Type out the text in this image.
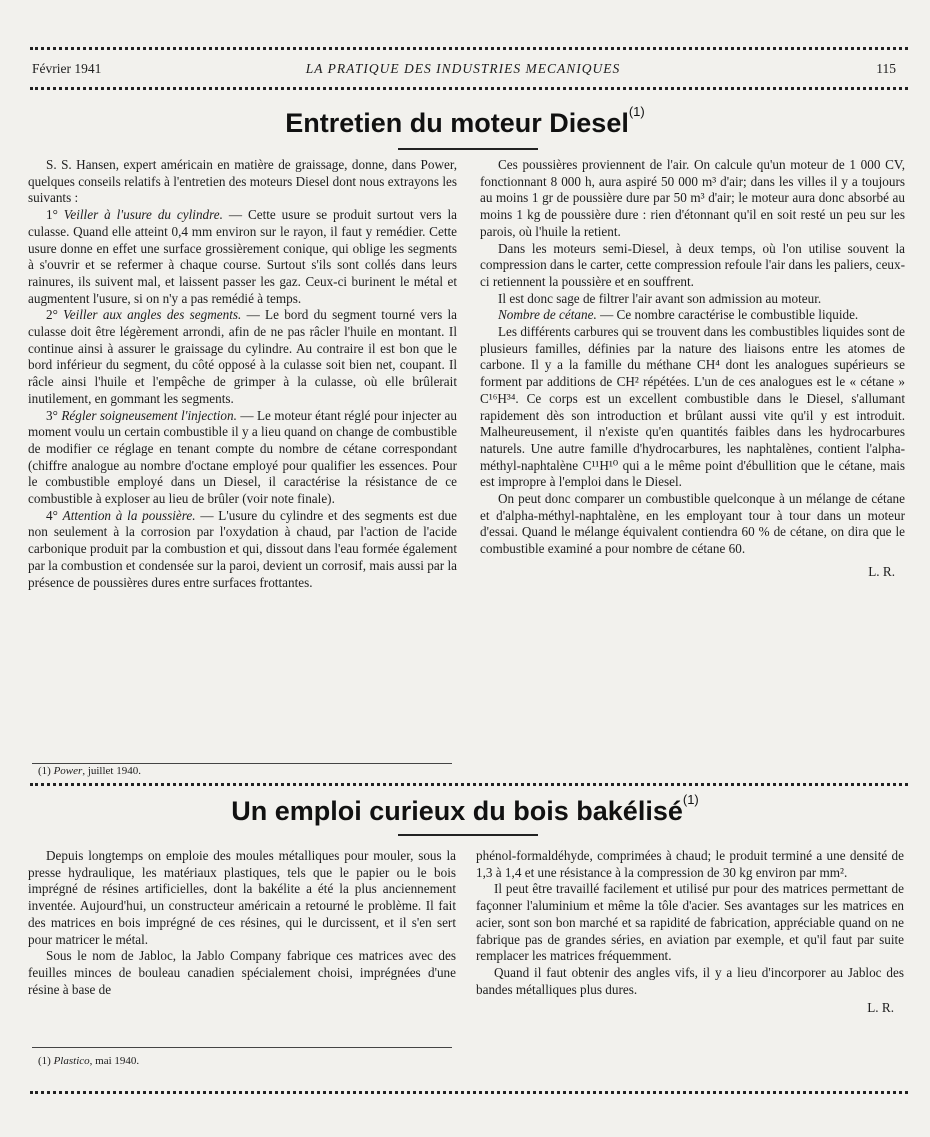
Février 1941	LA PRATIQUE DES INDUSTRIES MECANIQUES	115
Entretien du moteur Diesel$^{(1)}$

S. S. Hansen, expert américain en matière de graissage, donne, dans Power, quelques conseils relatifs à l'entretien des moteurs Diesel dont nous extrayons les suivants :

1° Veiller à l'usure du cylindre. — Cette usure se produit surtout vers la culasse. Quand elle atteint 0,4 mm environ sur le rayon, il faut y remédier. Cette usure donne en effet une surface grossièrement conique, qui oblige les segments à s'ouvrir et se refermer à chaque course. Surtout s'ils sont collés dans leurs rainures, ils suivent mal, et laissent passer les gaz. Ceux-ci burinent le métal et augmentent l'usure, si on n'y a pas remédié à temps.

2° Veiller aux angles des segments. — Le bord du segment tourné vers la culasse doit être légèrement arrondi, afin de ne pas râcler l'huile en montant. Il continue ainsi à assurer le graissage du cylindre. Au contraire il est bon que le bord inférieur du segment, du côté opposé à la culasse soit bien net, coupant. Il râcle ainsi l'huile et l'empêche de grimper à la culasse, où elle brûlerait inutilement, en gommant les segments.

3° Régler soigneusement l'injection. — Le moteur étant réglé pour injecter au moment voulu un certain combustible il y a lieu quand on change de combustible de modifier ce réglage en tenant compte du nombre de cétane correspondant (chiffre analogue au nombre d'octane employé pour qualifier les essences. Pour le combustible employé dans un Diesel, il caractérise la résistance de ce combustible à exploser au lieu de brûler (voir note finale).

4° Attention à la poussière. — L'usure du cylindre et des segments est due non seulement à la corrosion par l'oxydation à chaud, par l'action de l'acide carbonique produit par la combustion et qui, dissout dans l'eau formée également par la combustion et condensée sur la paroi, devient un corrosif, mais aussi par la présence de poussières dures entre surfaces frottantes.

Ces poussières proviennent de l'air. On calcule qu'un moteur de 1 000 CV, fonctionnant 8 000 h, aura aspiré 50 000 m³ d'air; dans les villes il y a toujours au moins 1 gr de poussière dure par 50 m³ d'air; le moteur aura donc absorbé au moins 1 kg de poussière dure : rien d'étonnant qu'il en soit resté un peu sur les parois, où l'huile la retient.

Dans les moteurs semi-Diesel, à deux temps, où l'on utilise souvent la compression dans le carter, cette compression refoule l'air dans les paliers, ceux-ci retiennent la poussière et en souffrent.

Il est donc sage de filtrer l'air avant son admission au moteur.

Nombre de cétane. — Ce nombre caractérise le combustible liquide.

Les différents carbures qui se trouvent dans les combustibles liquides sont de plusieurs familles, définies par la nature des liaisons entre les atomes de carbone. Il y a la famille du méthane CH⁴ dont les analogues supérieurs se forment par additions de CH² répétées. L'un de ces analogues est le « cétane » C¹⁶H³⁴. Ce corps est un excellent combustible dans le Diesel, s'allumant rapidement dès son introduction et brûlant aussi vite qu'il y est introduit. Malheureusement, il n'existe qu'en quantités faibles dans les hydrocarbures naturels. Une autre famille d'hydrocarbures, les naphtalènes, contient l'alpha-méthyl-naphtalène C¹¹H¹⁰ qui a le même point d'ébullition que le cétane, mais est impropre à l'emploi dans le Diesel.

On peut donc comparer un combustible quelconque à un mélange de cétane et d'alpha-méthyl-naphtalène, en les employant tour à tour dans un moteur d'essai. Quand le mélange équivalent contiendra 60 % de cétane, on dira que le combustible examiné a pour nombre de cétane 60.

L. R.
(1) Power, juillet 1940.
Un emploi curieux du bois bakélisé$^{(1)}$

Depuis longtemps on emploie des moules métalliques pour mouler, sous la presse hydraulique, les matériaux plastiques, tels que le papier ou le bois imprégné de résines artificielles, dont la bakélite a été la plus anciennement inventée. Aujourd'hui, un constructeur américain a retourné le problème. Il fait des matrices en bois imprégné de ces résines, qui le durcissent, et il s'en sert pour matricer le métal.

Sous le nom de Jabloc, la Jablo Company fabrique ces matrices avec des feuilles minces de bouleau canadien spécialement choisi, imprégnées d'une résine à base de

phénol-formaldéhyde, comprimées à chaud; le produit terminé a une densité de 1,3 à 1,4 et une résistance à la compression de 30 kg environ par mm².

Il peut être travaillé facilement et utilisé pur pour des matrices permettant de façonner l'aluminium et même la tôle d'acier. Ses avantages sur les matrices en acier, sont son bon marché et sa rapidité de fabrication, appréciable quand on ne fabrique pas de grandes séries, en aviation par exemple, et qu'il faut par suite remplacer les matrices fréquemment.

Quand il faut obtenir des angles vifs, il y a lieu d'incorporer au Jabloc des bandes métalliques plus dures.

L. R.
(1) Plastico, mai 1940.
